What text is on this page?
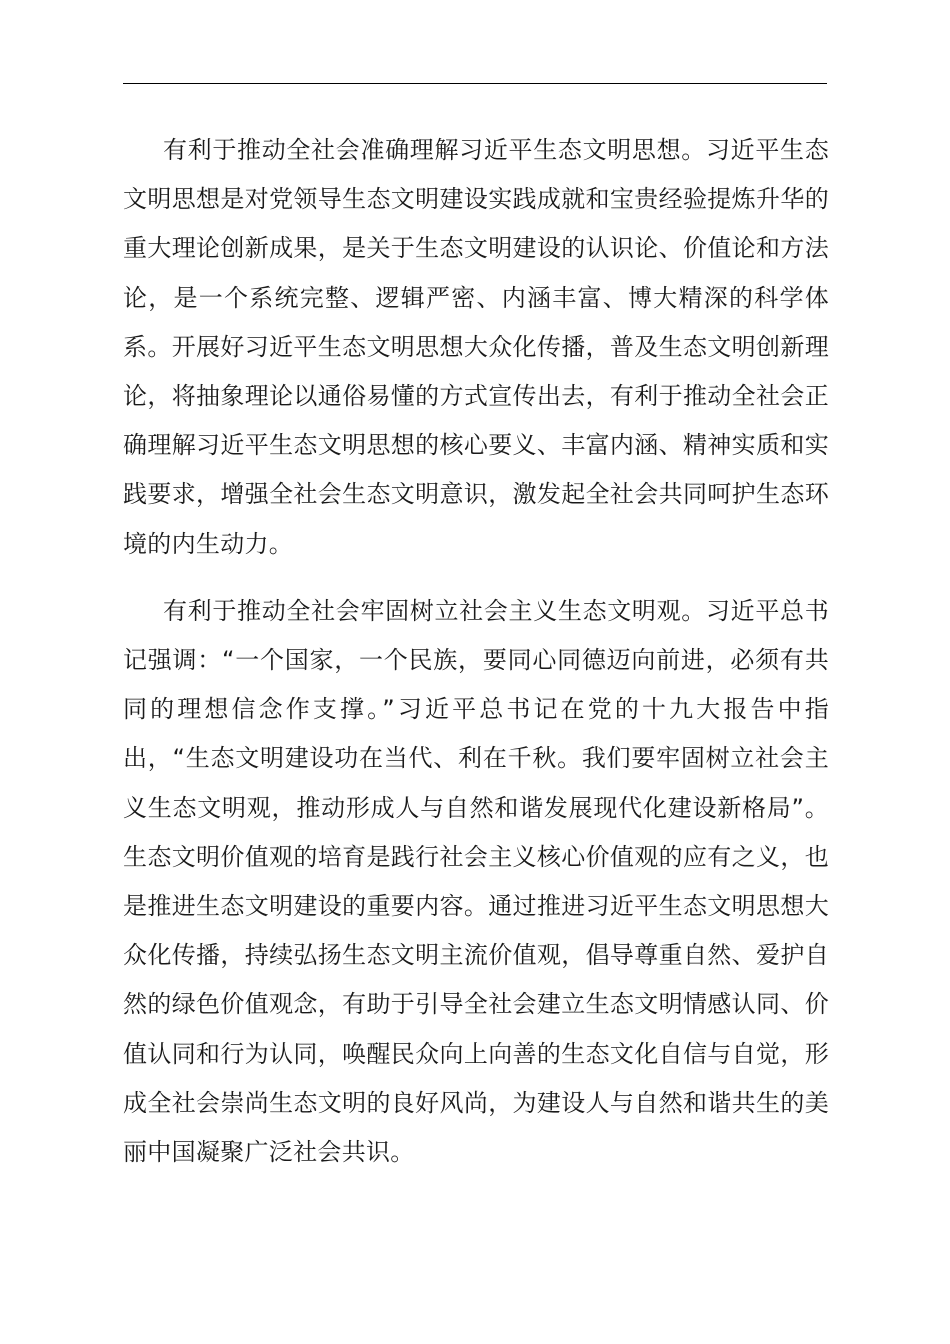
有利于推动全社会准确理解习近平生态文明思想。习近平生态文明思想是对党领导生态文明建设实践成就和宝贵经验提炼升华的重大理论创新成果，是关于生态文明建设的认识论、价值论和方法论，是一个系统完整、逻辑严密、内涵丰富、博大精深的科学体系。开展好习近平生态文明思想大众化传播，普及生态文明创新理论，将抽象理论以通俗易懂的方式宣传出去，有利于推动全社会正确理解习近平生态文明思想的核心要义、丰富内涵、精神实质和实践要求，增强全社会生态文明意识，激发起全社会共同呵护生态环境的内生动力。

有利于推动全社会牢固树立社会主义生态文明观。习近平总书记强调：“一个国家，一个民族，要同心同德迈向前进，必须有共同的理想信念作支撑。”习近平总书记在党的十九大报告中指出，“生态文明建设功在当代、利在千秋。我们要牢固树立社会主义生态文明观，推动形成人与自然和谐发展现代化建设新格局”。生态文明价值观的培育是践行社会主义核心价值观的应有之义，也是推进生态文明建设的重要内容。通过推进习近平生态文明思想大众化传播，持续弘扬生态文明主流价值观，倡导尊重自然、爱护自然的绿色价值观念，有助于引导全社会建立生态文明情感认同、价值认同和行为认同，唤醒民众向上向善的生态文化自信与自觉，形成全社会崇尚生态文明的良好风尚，为建设人与自然和谐共生的美丽中国凝聚广泛社会共识。
